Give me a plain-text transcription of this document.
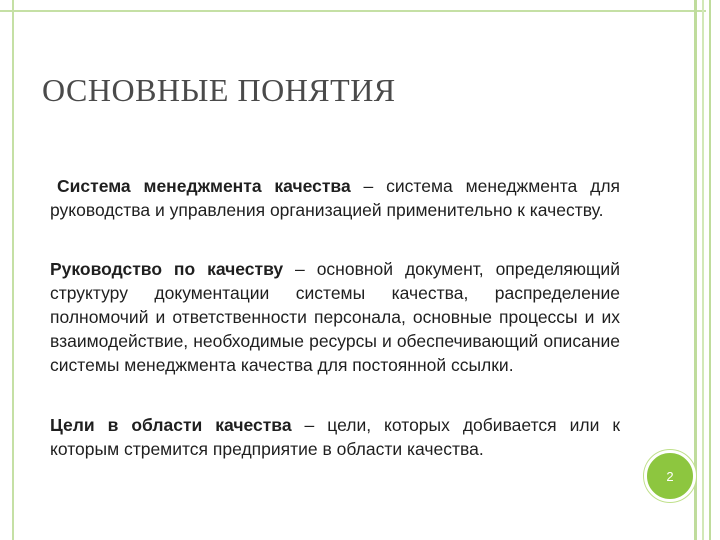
ОСНОВНЫЕ ПОНЯТИЯ
Система менеджмента качества – система менеджмента для руководства и управления организацией применительно к качеству.
Руководство по качеству – основной документ, определяющий структуру документации системы качества, распределение полномочий и ответственности персонала, основные процессы и их взаимодействие, необходимые ресурсы и обеспечивающий описание системы менеджмента качества для постоянной ссылки.
Цели в области качества – цели, которых добивается или к которым стремится предприятие в области качества.
2
